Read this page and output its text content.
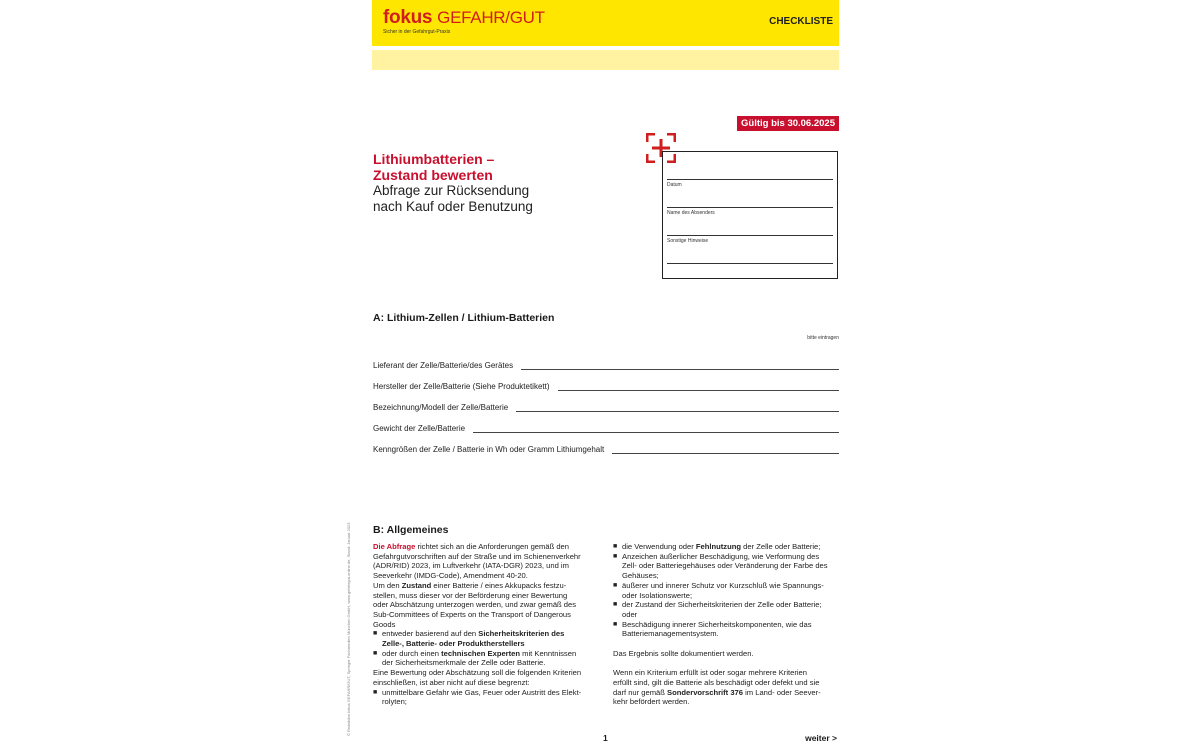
© Redaktion fokus GEFAHR/GUT, Springer Fachmedien München GmbH, www.gefahrgut-online.de, Stand: Januar 2023
fokus GEFAHR/GUT
Sicher in der Gefahrgut-Praxis
CHECKLISTE
Gültig bis 30.06.2025
Lithiumbatterien –
Zustand bewerten
Abfrage zur Rücksendung
nach Kauf oder Benutzung
Datum
Name des Absenders
Sonstige Hinweise
A: Lithium-Zellen / Lithium-Batterien
bitte eintragen
Lieferant der Zelle/Batterie/des Gerätes
Hersteller der Zelle/Batterie (Siehe Produktetikett)
Bezeichnung/Modell der Zelle/Batterie
Gewicht der Zelle/Batterie
Kenngrößen der Zelle / Batterie in Wh oder Gramm Lithiumgehalt
B: Allgemeines

Die Abfrage richtet sich an die Anforderungen gemäß den

Gefahrgutvorschriften auf der Straße und im Schienenverkehr

(ADR/RID) 2023, im Luftverkehr (IATA-DGR) 2023, und im

Seeverkehr (IMDG-Code), Amendment 40-20.

Um den Zustand einer Batterie / eines Akkupacks festzu-

stellen, muss dieser vor der Beförderung einer Bewertung

oder Abschätzung unterzogen werden, und zwar gemäß des

Sub-Committees of Experts on the Transport of Dangerous

Goods

■ entweder basierend auf den Sicherheitskriterien des

Zelle-, Batterie- oder Produktherstellers

■ oder durch einen technischen Experten mit Kenntnissen

der Sicherheitsmerkmale der Zelle oder Batterie.

Eine Bewertung oder Abschätzung soll die folgenden Kriterien

einschließen, ist aber nicht auf diese begrenzt:

■ unmittelbare Gefahr wie Gas, Feuer oder Austritt des Elekt-

rolyten;

■ die Verwendung oder Fehlnutzung der Zelle oder Batterie;

■ Anzeichen äußerlicher Beschädigung, wie Verformung des

Zell- oder Batteriegehäuses oder Veränderung der Farbe des

Gehäuses;

■ äußerer und innerer Schutz vor Kurzschluß wie Spannungs-

oder Isolationswerte;

■ der Zustand der Sicherheitskriterien der Zelle oder Batterie;

oder

■ Beschädigung innerer Sicherheitskomponenten, wie das

Batteriemanagementsystem.

Das Ergebnis sollte dokumentiert werden.

Wenn ein Kriterium erfüllt ist oder sogar mehrere Kriterien

erfüllt sind, gilt die Batterie als beschädigt oder defekt und sie

darf nur gemäß Sondervorschrift 376 im Land- oder Seever-

kehr befördert werden.

1	weiter >
